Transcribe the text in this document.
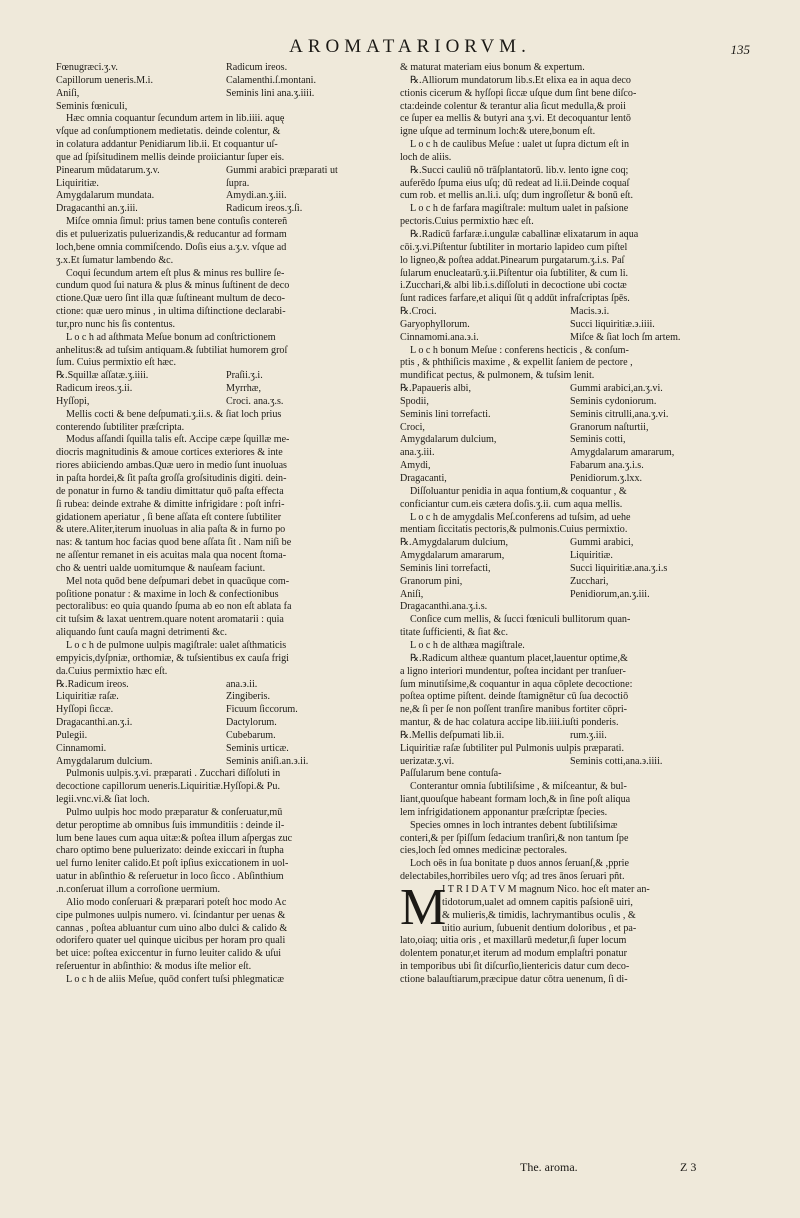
AROMATARIORVM.	135
Fœnugræci.ʒ.v.	Radicum ireos.
Capillorum ueneris.M.i.	Calamenthi.ſ.montani.
Aniſi,	Seminis lini ana.ʒ.iiii.
Seminis fœniculi,
Hæc omnia coquantur ſecundum artem in lib.iiii. aquę
vſque ad conſumptionem medietatis. deinde colentur, &
in colatura addantur Penidiarum lib.ii. Et coquantur uſ-
que ad ſpiſsitudinem mellis deinde proiiciantur ſuper eis.
Pinearum mūdatarum.ʒ.v.	Gummi arabici præparati ut
Liquiritiæ.	ſupra.
Amygdalarum mundata.	Amydi.an.ʒ.iii.
Dragacanthi an.ʒ.iii.	Radicum ireos.ʒ.ſi.
Miſce omnia ſimul: prius tamen bene contuſis contereñ
dis et puluerizatis puluerizandis,& reducantur ad formam
loch,bene omnia commiſcendo. Doſis eius a.ʒ.v. vſque ad
ʒ.x.Et ſumatur lambendo &c.
Coqui ſecundum artem eſt plus & minus res bullire ſe-
cundum quod ſui natura & plus & minus ſuſtinent de deco
ctione.Quæ uero ſint illa quæ ſuſtineant multum de deco-
ctione: quæ uero minus , in ultima diſtinctione declarabi-
tur,pro nunc his ſis contentus.
L o c h ad aſthmata Meſue bonum ad conſtrictionem
anhelitus:& ad tuſsim antiquam.& ſubtiliat humorem groſ
ſum. Cuius permixtio eſt hæc.
℞.Squillæ aſſatæ.ʒ.iiii.	Praſii.ʒ.i.
Radicum ireos.ʒ.ii.	Myrrhæ,
Hyſſopi,	Croci. ana.ʒ.s.
Mellis cocti & bene deſpumati.ʒ.ii.s. & ſiat loch prius
conterendo ſubtiliter præſcripta.
Modus aſſandi ſquilla talis eſt. Accipe cæpe ſquillæ me-
diocris magnitudinis & amoue cortices exteriores & inte
riores abiiciendo ambas.Quæ uero in medio ſunt inuoluas
in paſta hordei,& ſit paſta groſſa groſsitudinis digiti. dein-
de ponatur in furno & tandiu dimittatur quō paſta effecta
ſi rubea: deinde extrahe & dimitte infrigidare : poſt infri-
gidationem aperiatur , ſi bene aſſata eſt contere ſubtiliter
& utere.Aliter,iterum inuoluas in alia paſta & in furno po
nas: & tantum hoc facias quod bene aſſata ſit . Nam niſi be
ne aſſentur remanet in eis acuitas mala qua nocent ſtoma-
cho & uentri ualde uomitumque & nauſeam faciunt.
Mel nota quōd bene deſpumari debet in quacūque com-
poſitione ponatur : & maxime in loch & confectionibus
pectoralibus: eo quia quando ſpuma ab eo non eſt ablata fa
cit tuſsim & laxat uentrem.quare notent aromatarii : quia
aliquando ſunt cauſa magni detrimenti &c.
L o c h de pulmone uulpis magiſtrale: ualet aſthmaticis
empyicis,dyſpniæ, orthomiæ, & tuſsientibus ex cauſa frigi
da.Cuius permixtio hæc eſt.
℞.Radicum ireos.	ana.϶.ii.
Liquiritiæ raſæ.	Zingiberis.
Hyſſopi ſiccæ.	Ficuum ſiccorum.
Dragacanthi.an.ʒ.i.	Dactylorum.
Pulegii.	Cubebarum.
Cinnamomi.	Seminis urticæ.
Amygdalarum dulcium.	Seminis aniſi.an.϶.ii.
Pulmonis uulpis.ʒ.vi. præparati . Zucchari diſſoluti in
decoctione capillorum ueneris.Liquiritiæ.Hyſſopi.& Pu.
legii.vnc.vi.& ſiat loch.
Pulmo uulpis hoc modo præparatur & conſeruatur,mū
detur peroptime ab omnibus ſuis immunditiis : deinde il-
lum bene laues cum aqua uitæ:& poſtea illum aſpergas zuc
charo optimo bene puluerizato: deinde exiccari in ſtupha
uel furno leniter calido.Et poſt ipſius exiccationem in uol-
uatur in abſinthio & reſeruetur in loco ſicco . Abſinthium
.n.conſeruat illum a corroſione uermium.
Alio modo conſeruari & præparari poteſt hoc modo Ac
cipe pulmones uulpis numero. vi. ſcindantur per uenas &
cannas , poſtea abluantur cum uino albo dulci & calido &
odorifero quater uel quinque uicibus per horam pro quali
bet uice: poſtea exiccentur in furno leuiter calido & uſui
reſeruentur in abſinthio: & modus iſte melior eſt.
L o c h de aliis Meſue, quōd confert tuſsi phlegmaticæ
& maturat materiam eius bonum & expertum.
℞.Alliorum mundatorum lib.s.Et elixa ea in aqua deco
ctionis cicerum & hyſſopi ſiccæ uſque dum ſint bene diſco-
cta:deinde colentur & terantur alia ſicut medulla,& proii
ce ſuper ea mellis & butyri ana ʒ.vi. Et decoquantur lentō
igne uſque ad terminum loch:& utere,bonum eſt.
L o c h de caulibus Meſue : ualet ut ſupra dictum eſt in
loch de aliis.
℞.Succi cauliū nō trāſplantatorū. lib.v. lento igne coq;
auferēdo ſpuma eius uſq; dū redeat ad li.ii.Deinde coquaſ
cum rob. et mellis an.li.i. uſq; dum ingroſſetur & bonū eſt.
L o c h de farfara magiſtrale: multum ualet in paſsione
pectoris.Cuius permixtio hæc eſt.
℞.Radicū farfaræ.i.ungulæ caballinæ elixatarum in aqua
cōi.ʒ.vi.Piſtentur ſubtiliter in mortario lapideo cum piſtel
lo ligneo,& poſtea addat.Pinearum purgatarum.ʒ.i.s. Paſ
ſularum enucleatarū.ʒ.ii.Piſtentur oia ſubtiliter, & cum li.
i.Zucchari,& albi lib.i.s.diſſoluti in decoctione ubi coctæ
ſunt radices farfare,et aliqui ſūt q addūt infraſcriptas ſpēs.
℞.Croci.	Macis.϶.i.
Garyophyllorum.	Succi liquiritiæ.϶.iiii.
Cinnamomi.ana.϶.i.	Miſce & ſiat loch ſm artem.
L o c h bonum Meſue : conferens hecticis , & conſum-
ptis , & phthiſicis maxime , & expellit ſaniem de pectore ,
mundificat pectus, & pulmonem, & tuſsim lenit.
℞.Papaueris albi,	Gummi arabici,an.ʒ.vi.
Spodii,	Seminis cydoniorum.
Seminis lini torrefacti.	Seminis citrulli,ana.ʒ.vi.
Croci,	Granorum naſturtii,
Amygdalarum dulcium,	Seminis cotti,
ana.ʒ.iii.	Amygdalarum amararum,
Amydi,	Fabarum ana.ʒ.i.s.
Dragacanti,	Penidiorum.ʒ.lxx.
Diſſoluantur penidia in aqua fontium,& coquantur , &
conficiantur cum.eis cætera doſis.ʒ.ii. cum aqua mellis.
L o c h de amygdalis Meſ.conferens ad tuſsim, ad uehe
mentiam ſiccitatis pectoris,& pulmonis.Cuius permixtio.
℞.Amygdalarum dulcium,	Gummi arabici,
Amygdalarum amararum,	Liquiritiæ.
Seminis lini torrefacti,	Succi liquiritiæ.ana.ʒ.i.s
Granorum pini,	Zucchari,
Aniſi,	Penidiorum,an.ʒ.iii.
Dragacanthi.ana.ʒ.i.s.
Conſice cum mellis, & ſucci fœniculi bullitorum quan-
titate ſufficienti, & ſiat &c.
L o c h de althæa magiſtrale.
℞.Radicum altheæ quantum placet,lauentur optime,&
a ligno interiori mundentur, poſtea incidant per tranſuer-
ſum minutiſsime,& coquantur in aqua cōplete decoctione:
poſtea optime piſtent. deinde ſtamignētur cū ſua decoctiō
ne,& ſi per ſe non poſſent tranſire manibus fortiter cōpri-
mantur, & de hac colatura accipe lib.iiii.iuſti ponderis.
℞.Mellis deſpumati lib.ii.	rum.ʒ.iii.
Liquiritiæ raſæ ſubtiliter pul Pulmonis uulpis præparati.
uerizatæ.ʒ.vi.	Seminis cotti,ana.϶.iiii.
Paſſularum bene contuſa-
Conterantur omnia ſubtiliſsime , & miſceantur, & bul-
liant,quouſque habeant formam loch,& in ſine poſt aliqua
lem infrigidationem apponantur præſcriptæ ſpecies.
Species omnes in loch intrantes debent ſubtiliſsimæ
conteri,& per ſpiſſum ſedacium tranſiri,& non tantum ſpe
cies,loch ſed omnes medicinæ pectorales.
Loch oēs in ſua bonitate p duos annos ſeruanſ,& ,pprie
delectabiles,horribiles uero vſq; ad tres ānos ſeruari pñt.
M
I T R I D A T V M magnum Nico. hoc eſt mater an-
tidotorum,ualet ad omnem capitis paſsionē uiri,
& mulieris,& timidis, lachrymantibus oculis , &
uitio aurium, ſubuenit dentium doloribus , et pa-
lato,oiaq; uitia oris , et maxillarū medetur,ſi ſuper locum
dolentem ponatur,et iterum ad modum emplaſtri ponatur
in temporibus ubi ſit diſcurſio,lientericis datur cum deco-
ctione balauſtiarum,præcipue datur cōtra uenenum, ſi di-
The. aroma.	Z 3
